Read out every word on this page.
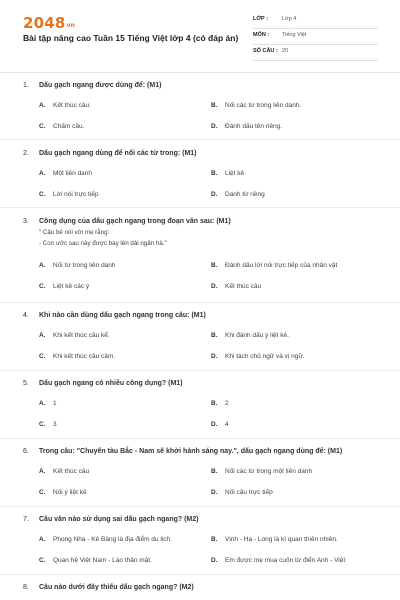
2048vn
Bài tập nâng cao Tuần 15 Tiếng Việt lớp 4 (có đáp án)
LỚP :	Lớp 4
MÔN : Tiếng Việt
SỐ CÂU : 20
1. Dấu gạch ngang được dùng để: (M1)
A. Kết thúc câu.	B. Nối các từ trong liên danh.
C. Chấm câu.	D. Đánh dấu tên riêng.
2. Dấu gạch ngang dùng để nối các từ trong: (M1)
A. Một liên danh	B. Liệt kê
C. Lời nói trực tiếp	D. Danh từ riêng
3. Công dụng của dấu gạch ngang trong đoạn văn sau: (M1)
" Cậu bé nói với mẹ rằng:
- Con ước sau này được bay lên dải ngân hà."
A. Nối từ trong liên danh	B. Đánh dấu lời nói trực tiếp của nhân vật
C. Liệt kê các ý	D. Kết thúc câu
4. Khi nào cần dùng dấu gạch ngang trong câu: (M1)
A. Khi kết thúc câu kể.	B. Khi đánh dấu ý liệt kê.
C. Khi kết thúc câu cảm.	D. Khi tách chủ ngữ và vị ngữ.
5. Dấu gạch ngang có nhiều công dụng? (M1)
A. 1	B. 2
C. 3	D. 4
6. Trong câu: "Chuyến tàu Bắc - Nam sẽ khởi hành sáng nay.", dấu gạch ngang dùng để: (M1)
A. Kết thúc câu	B. Nối các từ trong một liên danh
C. Nối ý liệt kê	D. Nối câu trực tiếp
7. Câu văn nào sử dụng sai dấu gạch ngang? (M2)
A. Phong Nha - Kẻ Bàng là địa điểm du lịch.	B. Vịnh - Hạ - Long là kì quan thiên nhiên.
C. Quan hệ Việt Nam - Lào thân mật.	D. Em được mẹ mua cuốn từ điển Anh - Việt
8. Câu nào dưới đây thiếu dấu gạch ngang? (M2)
